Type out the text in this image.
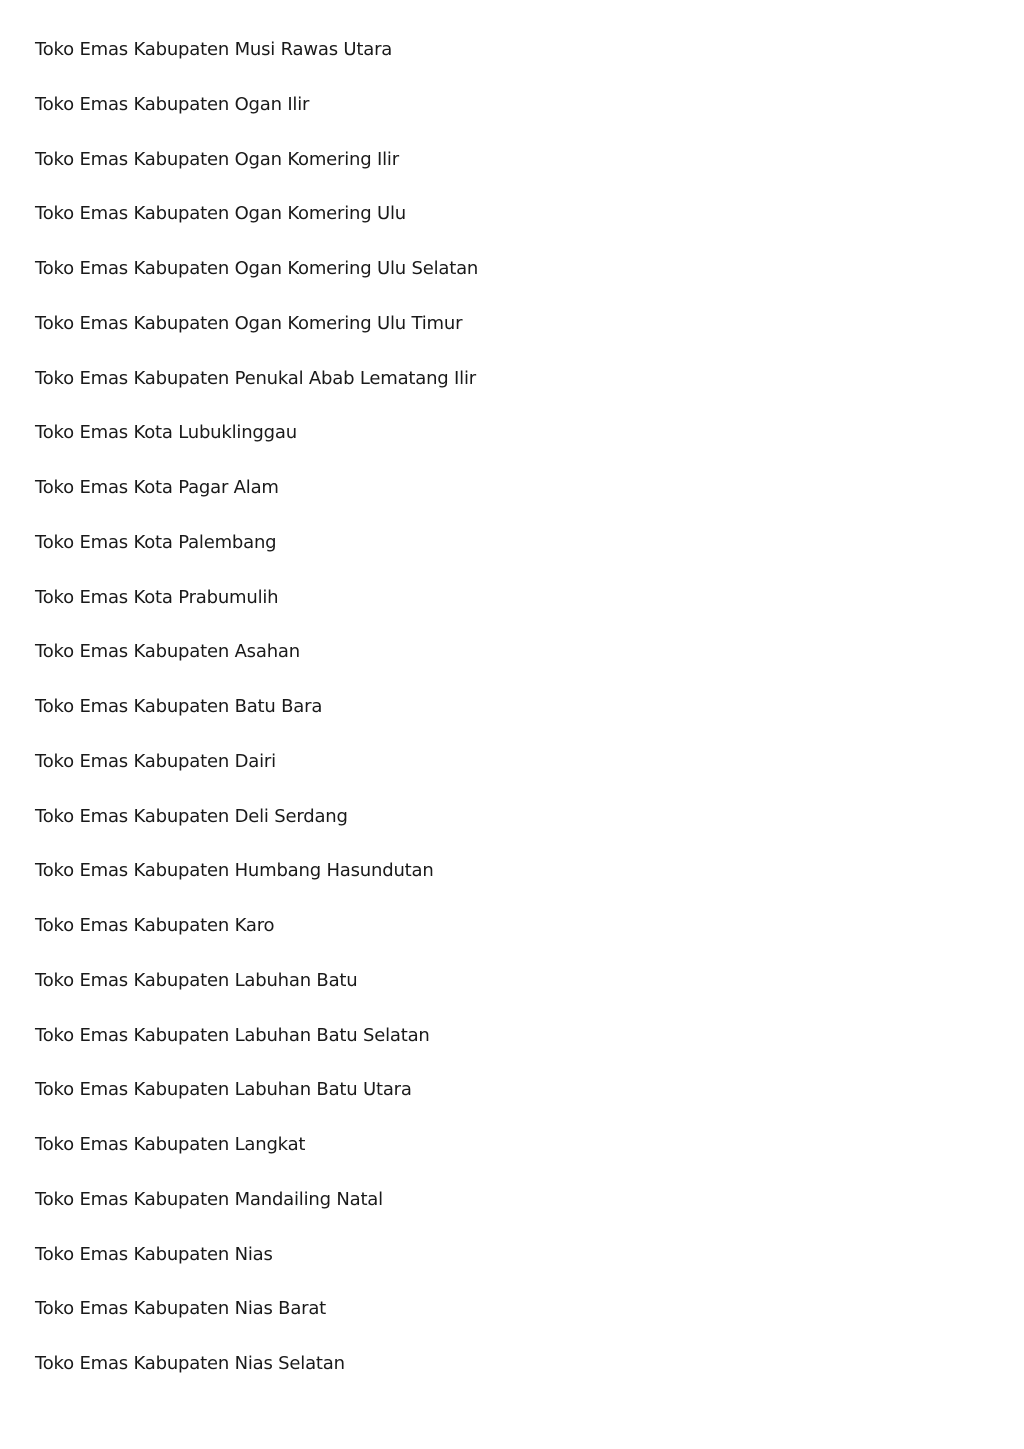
Toko Emas Kabupaten Musi Rawas Utara
Toko Emas Kabupaten Ogan Ilir
Toko Emas Kabupaten Ogan Komering Ilir
Toko Emas Kabupaten Ogan Komering Ulu
Toko Emas Kabupaten Ogan Komering Ulu Selatan
Toko Emas Kabupaten Ogan Komering Ulu Timur
Toko Emas Kabupaten Penukal Abab Lematang Ilir
Toko Emas Kota Lubuklinggau
Toko Emas Kota Pagar Alam
Toko Emas Kota Palembang
Toko Emas Kota Prabumulih
Toko Emas Kabupaten Asahan
Toko Emas Kabupaten Batu Bara
Toko Emas Kabupaten Dairi
Toko Emas Kabupaten Deli Serdang
Toko Emas Kabupaten Humbang Hasundutan
Toko Emas Kabupaten Karo
Toko Emas Kabupaten Labuhan Batu
Toko Emas Kabupaten Labuhan Batu Selatan
Toko Emas Kabupaten Labuhan Batu Utara
Toko Emas Kabupaten Langkat
Toko Emas Kabupaten Mandailing Natal
Toko Emas Kabupaten Nias
Toko Emas Kabupaten Nias Barat
Toko Emas Kabupaten Nias Selatan
